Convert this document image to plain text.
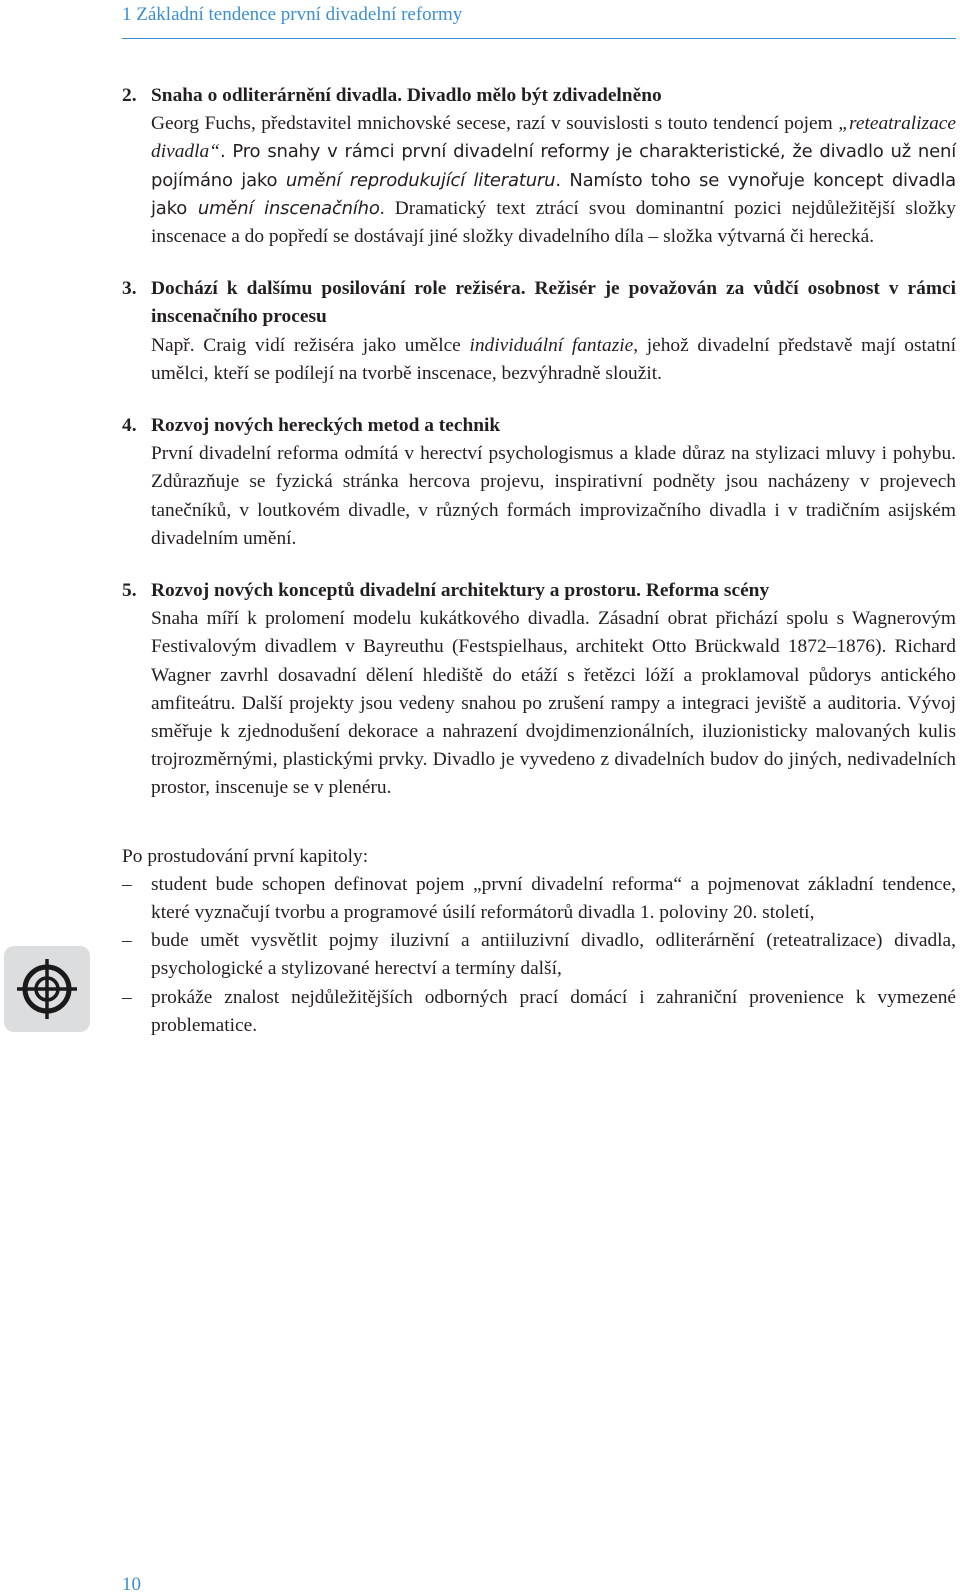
1 Základní tendence první divadelní reformy
2. Snaha o odliterárnění divadla. Divadlo mělo být zdivadelněno
Georg Fuchs, představitel mnichovské secese, razí v souvislosti s touto tendencí pojem „reteatralizace divadla“. Pro snahy v rámci první divadelní reformy je charakteristické, že divadlo už není pojímáno jako umění reprodukující literaturu. Namísto toho se vynořuje koncept divadla jako umění inscenačního. Dramatický text ztrácí svou dominantní pozici nejdůležitější složky inscenace a do popředí se dostávají jiné složky divadelního díla – složka výtvarná či herecká.
3. Dochází k dalšímu posilování role režiséra. Režisér je považován za vůdčí osobnost v rámci inscenačního procesu
Např. Craig vidí režiséra jako umělce individuální fantazie, jehož divadelní představě mají ostatní umělci, kteří se podílejí na tvorbě inscenace, bezvýhradně sloužit.
4. Rozvoj nových hereckých metod a technik
První divadelní reforma odmítá v herectví psychologismus a klade důraz na stylizaci mluvy i pohybu. Zdůrazňuje se fyzická stránka hercova projevu, inspirativní podněty jsou nacházeny v projevech tanečníků, v loutkovém divadle, v různých formách improvizačního divadla i v tradičním asijském divadelním umění.
5. Rozvoj nových konceptů divadelní architektury a prostoru. Reforma scény
Snaha míří k prolomení modelu kukátkového divadla. Zásadní obrat přichází spolu s Wagnerovým Festivalovým divadlem v Bayreuthu (Festspielhaus, architekt Otto Brückwald 1872–1876). Richard Wagner zavrhl dosavadní dělení hlediště do etáží s řetězci lóží a proklamoval půdorys antického amfiteátru. Další projekty jsou vedeny snahou po zrušení rampy a integraci jeviště a auditoria. Vývoj směřuje k zjednodušení dekorace a nahrazení dvojdimenzionálních, iluzionisticky malovaných kulis trojrozměrnými, plastickými prvky. Divadlo je vyvedeno z divadelních budov do jiných, nedivadelních prostor, inscenuje se v plenéru.
Po prostudování první kapitoly:
– student bude schopen definovat pojem „první divadelní reforma“ a pojmenovat základní tendence, které vyznačují tvorbu a programové úsilí reformátorů divadla 1. poloviny 20. století,
– bude umět vysvětlit pojmy iluzivní a antiiluzivní divadlo, odliterárnění (reteatralizace) divadla, psychologické a stylizované herectví a termíny další,
– prokáže znalost nejdůležitějších odborných prací domácí i zahraniční provenience k vymezené problematice.
10
